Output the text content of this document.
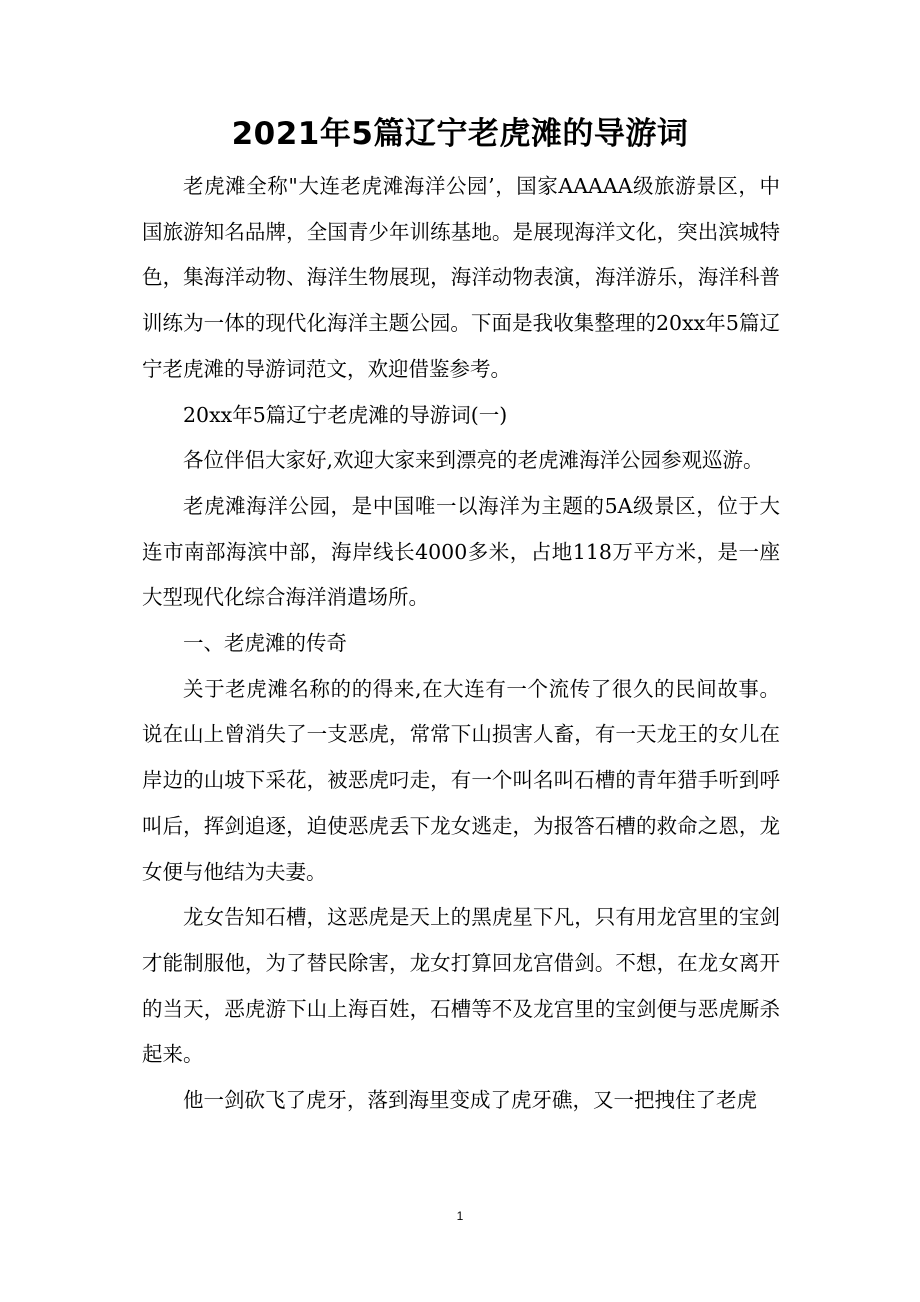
2021年5篇辽宁老虎滩的导游词

老虎滩全称"大连老虎滩海洋公园’，国家AAAAA级旅游景区，中国旅游知名品牌，全国青少年训练基地。是展现海洋文化，突出滨城特色，集海洋动物、海洋生物展现，海洋动物表演，海洋游乐，海洋科普训练为一体的现代化海洋主题公园。下面是我收集整理的20xx年5篇辽宁老虎滩的导游词范文，欢迎借鉴参考。

20xx年5篇辽宁老虎滩的导游词(一)

各位伴侣大家好,欢迎大家来到漂亮的老虎滩海洋公园参观巡游。

老虎滩海洋公园，是中国唯一以海洋为主题的5A级景区，位于大连市南部海滨中部，海岸线长4000多米，占地118万平方米，是一座大型现代化综合海洋消遣场所。

一、老虎滩的传奇

关于老虎滩名称的的得来,在大连有一个流传了很久的民间故事。说在山上曾消失了一支恶虎，常常下山损害人畜，有一天龙王的女儿在岸边的山坡下采花，被恶虎叼走，有一个叫名叫石槽的青年猎手听到呼叫后，挥剑追逐，迫使恶虎丢下龙女逃走，为报答石槽的救命之恩，龙女便与他结为夫妻。

龙女告知石槽，这恶虎是天上的黑虎星下凡，只有用龙宫里的宝剑才能制服他，为了替民除害，龙女打算回龙宫借剑。不想，在龙女离开的当天，恶虎游下山上海百姓，石槽等不及龙宫里的宝剑便与恶虎厮杀起来。

他一剑砍飞了虎牙，落到海里变成了虎牙礁，又一把拽住了老虎

1
